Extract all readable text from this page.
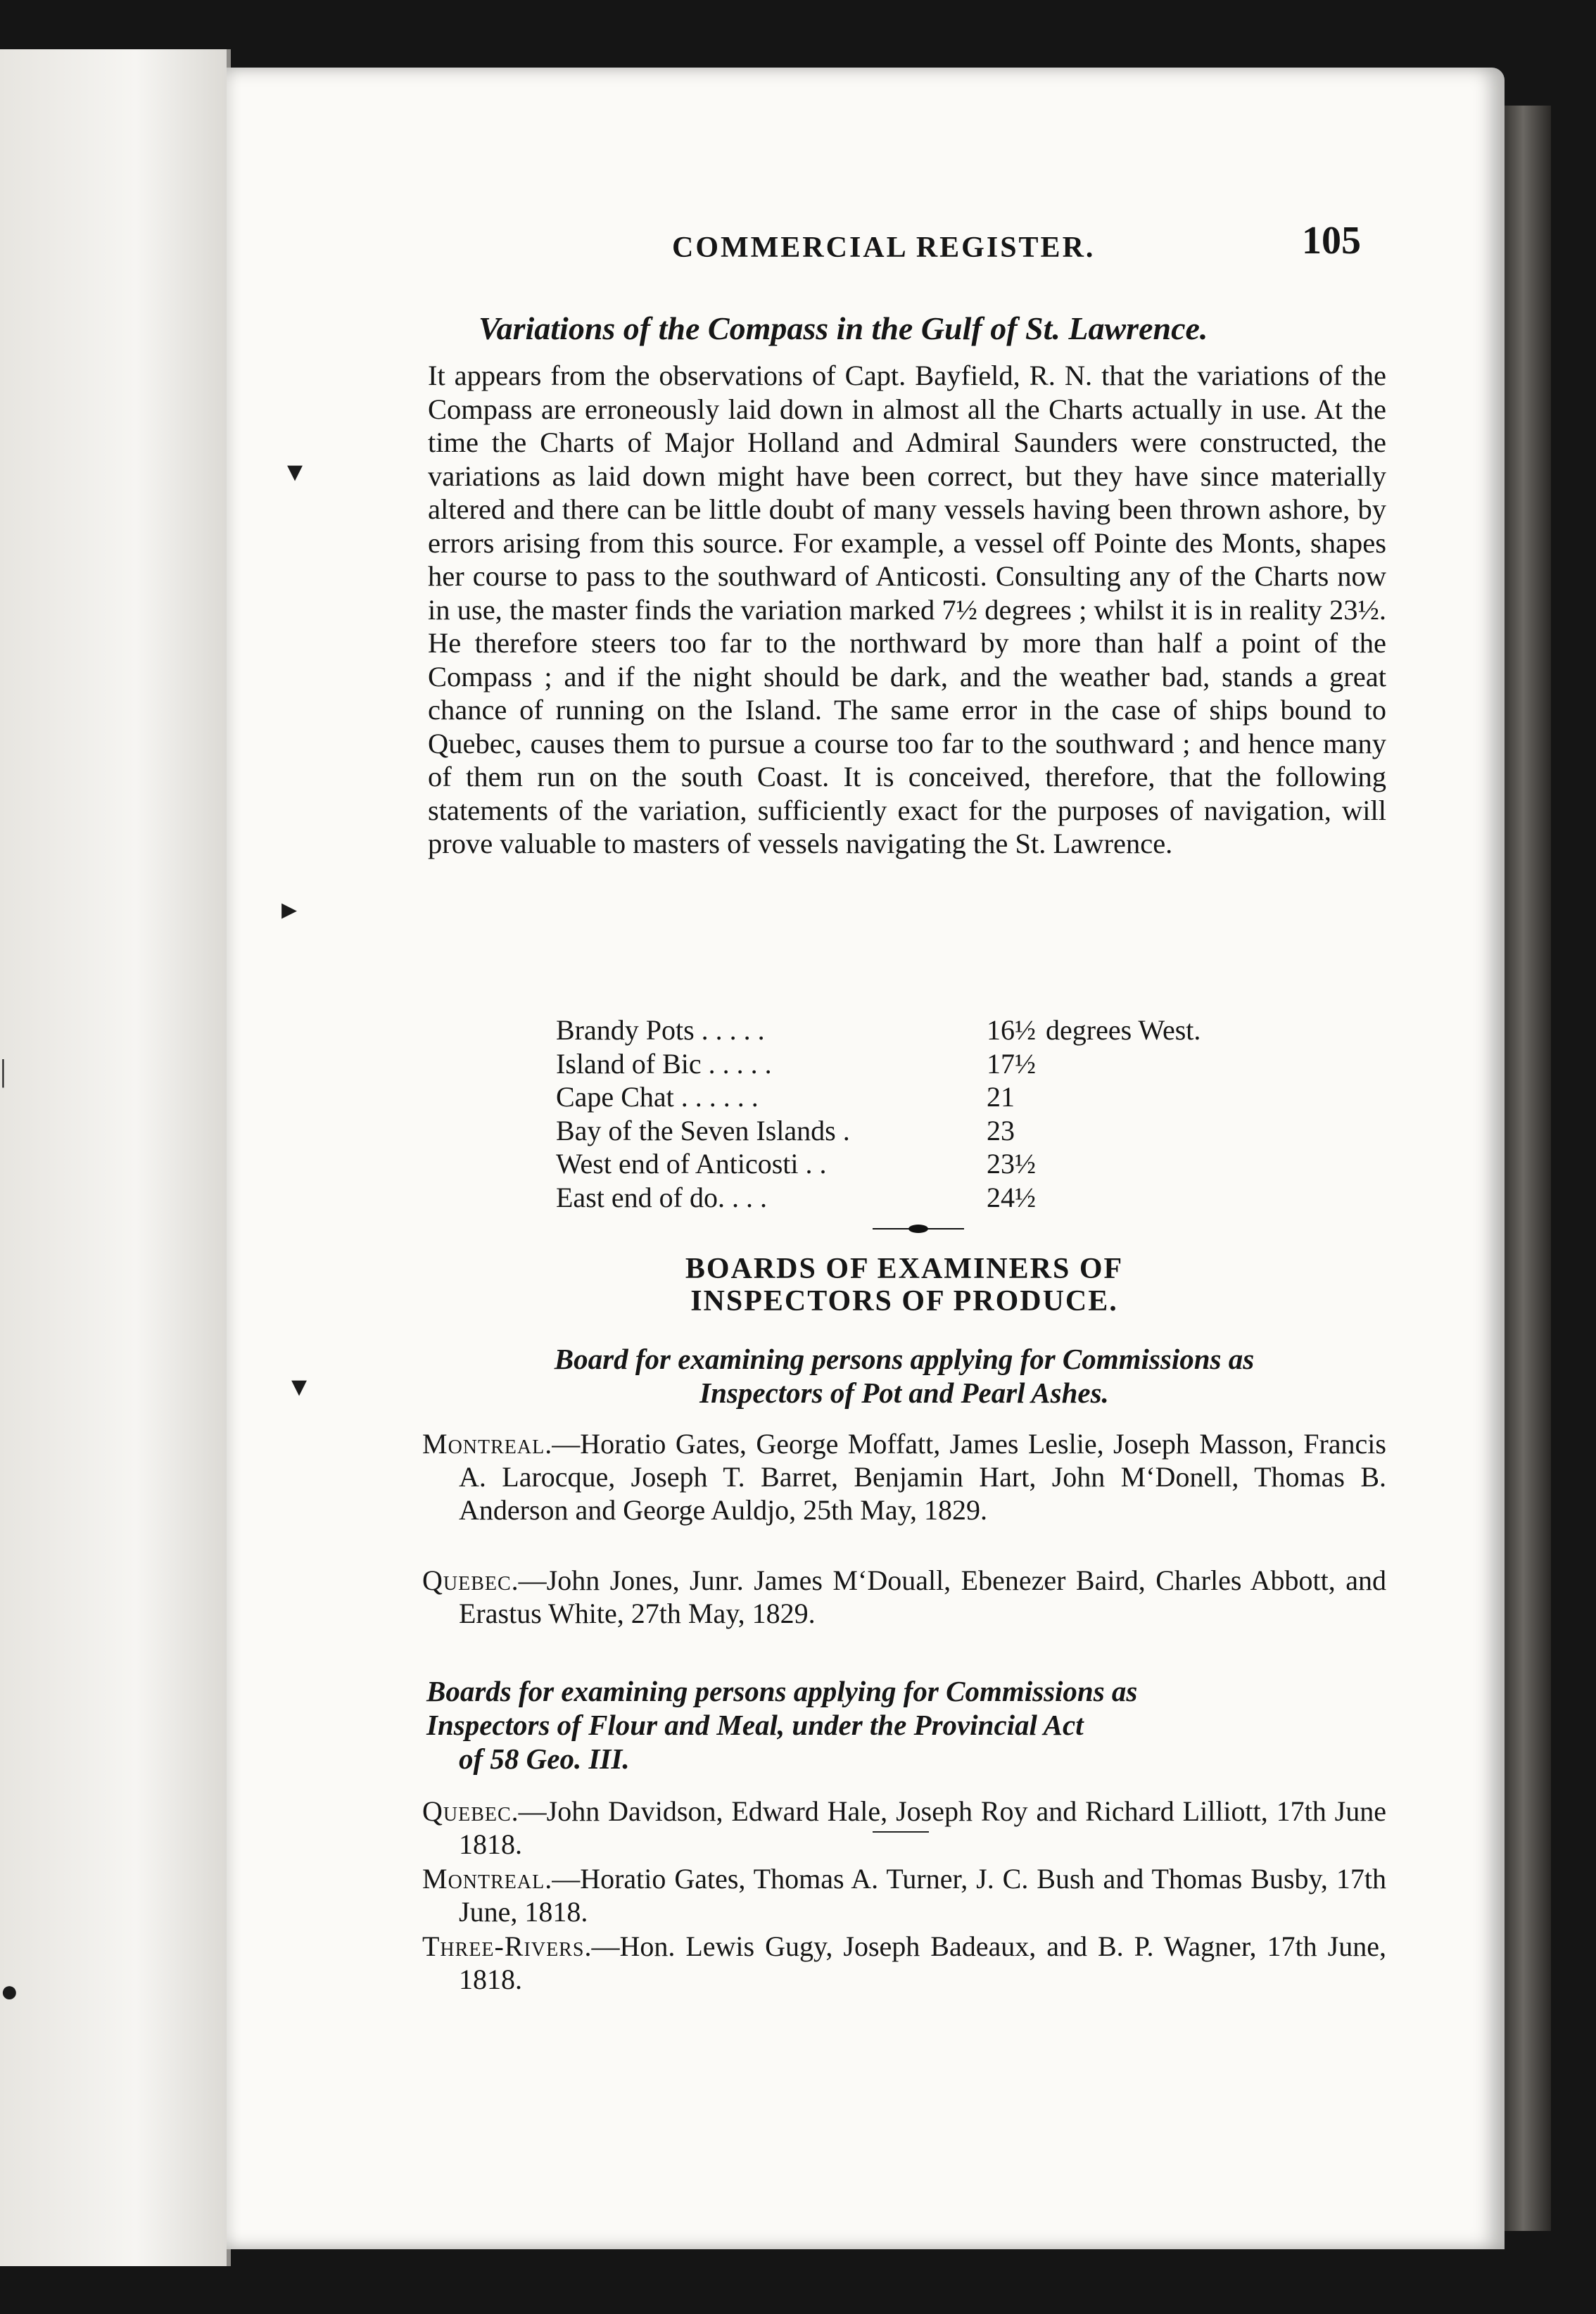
▾
▸
▾
|
●
COMMERCIAL REGISTER.	105
Variations of the Compass in the Gulf of St. Lawrence.

It appears from the observations of Capt. Bayfield, R. N. that the variations of the Compass are erroneously laid down in almost all the Charts actually in use. At the time the Charts of Major Holland and Admiral Saunders were constructed, the variations as laid down might have been correct, but they have since materially altered and there can be little doubt of many vessels having been thrown ashore, by errors arising from this source. For example, a vessel off Pointe des Monts, shapes her course to pass to the southward of Anticosti. Consulting any of the Charts now in use, the master finds the variation marked 7½ degrees ; whilst it is in reality 23½. He therefore steers too far to the northward by more than half a point of the Compass ; and if the night should be dark, and the weather bad, stands a great chance of running on the Island. The same error in the case of ships bound to Quebec, causes them to pursue a course too far to the southward ; and hence many of them run on the south Coast. It is conceived, therefore, that the following statements of the variation, sufficiently exact for the purposes of navigation, will prove valuable to masters of vessels navigating the St. Lawrence.

Brandy Pots . . . . .	16½ degrees West.
Island of Bic . . . . .	17½
Cape Chat . . . . . .	21
Bay of the Seven Islands .	23
West end of Anticosti . .	23½
East end of do. . . .	24½

BOARDS OF EXAMINERS OF INSPECTORS OF PRODUCE.

Board for examining persons applying for Commissions as

Inspectors of Pot and Pearl Ashes.

Montreal.—Horatio Gates, George Moffatt, James Leslie, Joseph Masson, Francis A. Larocque, Joseph T. Barret, Benjamin Hart, John M‘Donell, Thomas B. Anderson and George Auldjo, 25th May, 1829.

Quebec.—John Jones, Junr. James M‘Douall, Ebenezer Baird, Charles Abbott, and Erastus White, 27th May, 1829.

Boards for examining persons applying for Commissions as

Inspectors of Flour and Meal, under the Provincial Act

of 58 Geo. III.

Quebec.—John Davidson, Edward Hale, Joseph Roy and Richard Lilliott, 17th June 1818.

Montreal.—Horatio Gates, Thomas A. Turner, J. C. Bush and Thomas Busby, 17th June, 1818.

Three-Rivers.—Hon. Lewis Gugy, Joseph Badeaux, and B. P. Wagner, 17th June, 1818.
